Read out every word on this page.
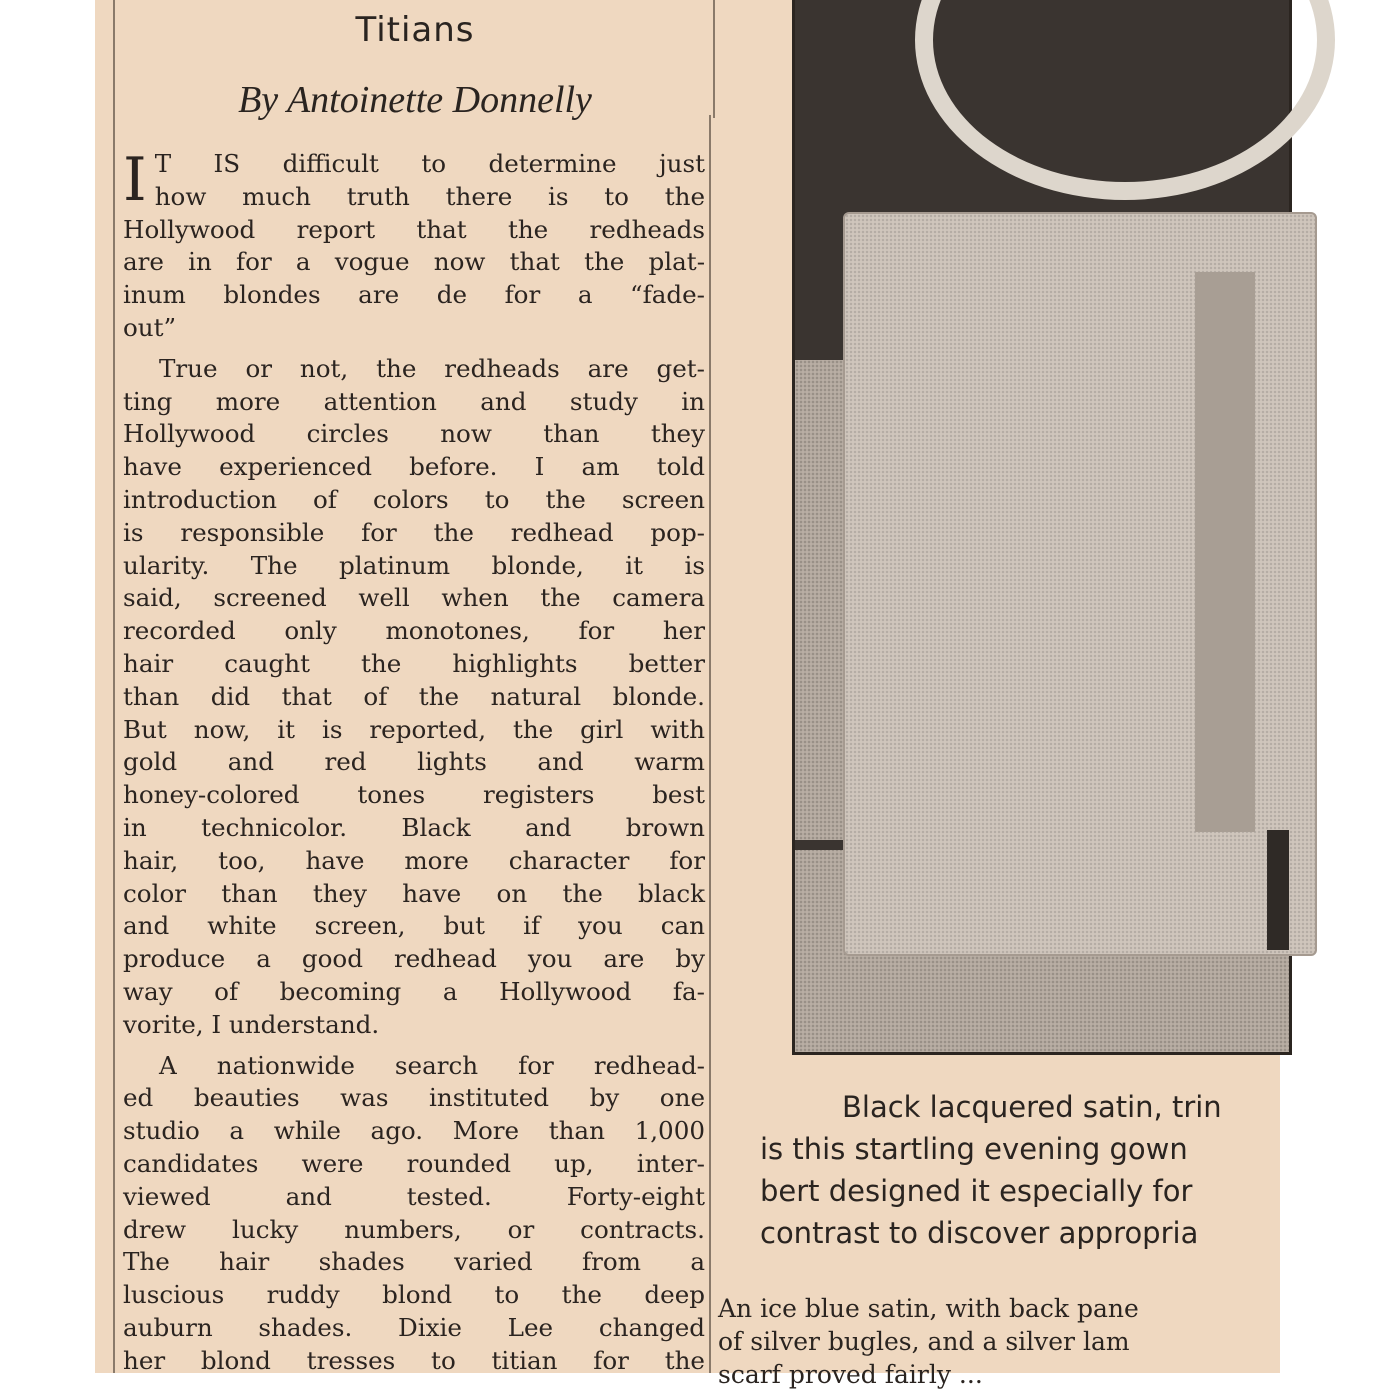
Titians
By Antoinette Donnelly
I T IS difficult to determine just
how much truth there is to the
Hollywood report that the redheads
are in for a vogue now that the plat-
inum blondes are de for a “fade-
out”
True or not, the redheads are get-
ting more attention and study in
Hollywood circles now than they
have experienced before. I am told
introduction of colors to the screen
is responsible for the redhead pop-
ularity. The platinum blonde, it is
said, screened well when the camera
recorded only monotones, for her
hair caught the highlights better
than did that of the natural blonde.
But now, it is reported, the girl with
gold and red lights and warm
honey-colored tones registers best
in technicolor. Black and brown
hair, too, have more character for
color than they have on the black
and white screen, but if you can
produce a good redhead you are by
way of becoming a Hollywood fa-
vorite, I understand.
A nationwide search for redhead-
ed beauties was instituted by one
studio a while ago. More than 1,000
candidates were rounded up, inter-
viewed and tested. Forty-eight
drew lucky numbers, or contracts.
The hair shades varied from a
luscious ruddy blond to the deep
auburn shades. Dixie Lee changed
her blond tresses to titian for the
Black lacquered satin, trin
is this startling evening gown
bert designed it especially for
contrast to discover appropria
An ice blue satin, with back pane
of silver bugles, and a silver lam
scarf proved fairly ...
